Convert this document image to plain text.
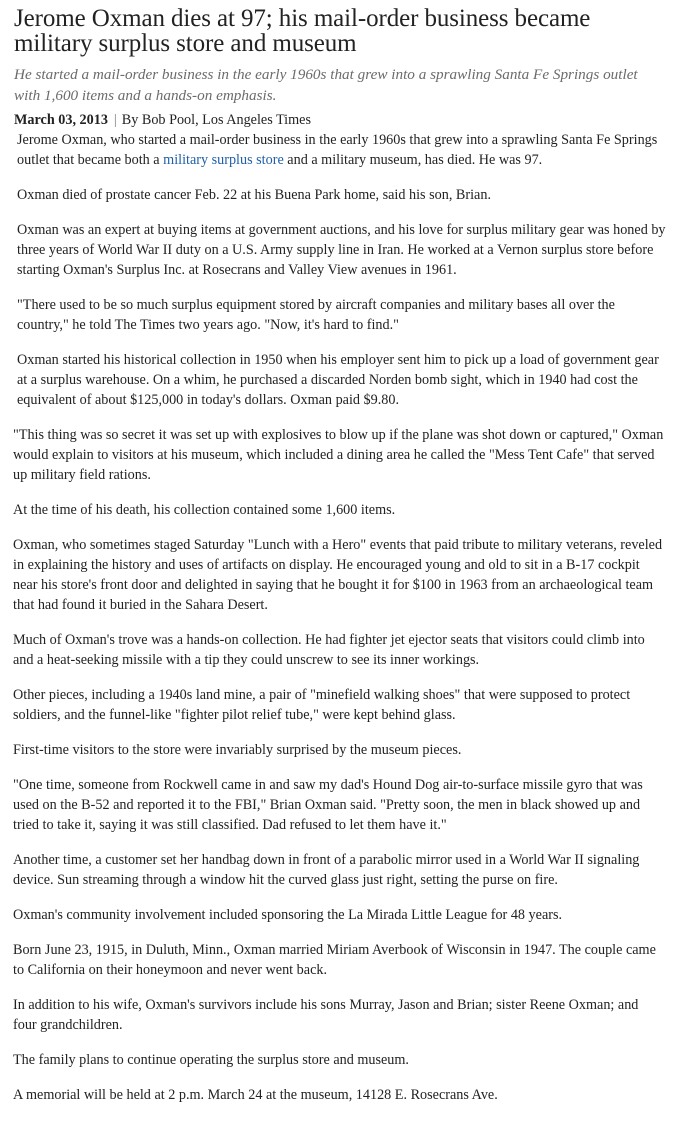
Jerome Oxman dies at 97; his mail-order business became
military surplus store and museum
He started a mail-order business in the early 1960s that grew into a sprawling Santa Fe Springs outlet with 1,600 items and a hands-on emphasis.
March 03, 2013 | By Bob Pool, Los Angeles Times

Jerome Oxman, who started a mail-order business in the early 1960s that grew into a sprawling Santa Fe Springs outlet that became both a military surplus store and a military museum, has died. He was 97.

Oxman died of prostate cancer Feb. 22 at his Buena Park home, said his son, Brian.

Oxman was an expert at buying items at government auctions, and his love for surplus military gear was honed by three years of World War II duty on a U.S. Army supply line in Iran. He worked at a Vernon surplus store before starting Oxman's Surplus Inc. at Rosecrans and Valley View avenues in 1961.

"There used to be so much surplus equipment stored by aircraft companies and military bases all over the country," he told The Times two years ago. "Now, it's hard to find."

Oxman started his historical collection in 1950 when his employer sent him to pick up a load of government gear at a surplus warehouse. On a whim, he purchased a discarded Norden bomb sight, which in 1940 had cost the equivalent of about $125,000 in today's dollars. Oxman paid $9.80.

"This thing was so secret it was set up with explosives to blow up if the plane was shot down or captured," Oxman would explain to visitors at his museum, which included a dining area he called the "Mess Tent Cafe" that served up military field rations.

At the time of his death, his collection contained some 1,600 items.

Oxman, who sometimes staged Saturday "Lunch with a Hero" events that paid tribute to military veterans, reveled in explaining the history and uses of artifacts on display. He encouraged young and old to sit in a B-17 cockpit near his store's front door and delighted in saying that he bought it for $100 in 1963 from an archaeological team that had found it buried in the Sahara Desert.

Much of Oxman's trove was a hands-on collection. He had fighter jet ejector seats that visitors could climb into and a heat-seeking missile with a tip they could unscrew to see its inner workings.

Other pieces, including a 1940s land mine, a pair of "minefield walking shoes" that were supposed to protect soldiers, and the funnel-like "fighter pilot relief tube," were kept behind glass.

First-time visitors to the store were invariably surprised by the museum pieces.

"One time, someone from Rockwell came in and saw my dad's Hound Dog air-to-surface missile gyro that was used on the B-52 and reported it to the FBI," Brian Oxman said. "Pretty soon, the men in black showed up and tried to take it, saying it was still classified. Dad refused to let them have it."

Another time, a customer set her handbag down in front of a parabolic mirror used in a World War II signaling device. Sun streaming through a window hit the curved glass just right, setting the purse on fire.

Oxman's community involvement included sponsoring the La Mirada Little League for 48 years.

Born June 23, 1915, in Duluth, Minn., Oxman married Miriam Averbook of Wisconsin in 1947. The couple came to California on their honeymoon and never went back.

In addition to his wife, Oxman's survivors include his sons Murray, Jason and Brian; sister Reene Oxman; and four grandchildren.

The family plans to continue operating the surplus store and museum.

A memorial will be held at 2 p.m. March 24 at the museum, 14128 E. Rosecrans Ave.
